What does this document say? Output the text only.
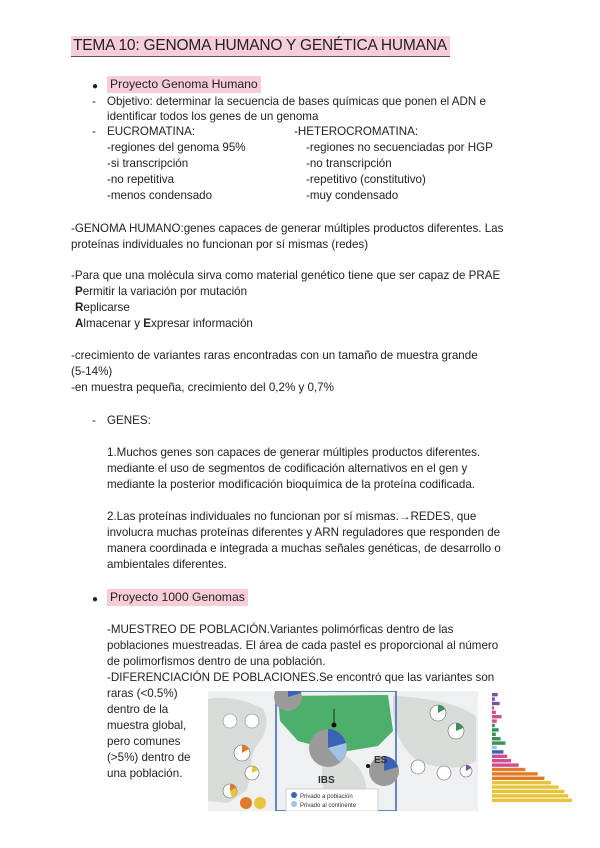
TEMA 10: GENOMA HUMANO Y GENÉTICA HUMANA
● Proyecto Genoma Humano
- Objetivo: determinar la secuencia de bases químicas que ponen el ADN e
identificar todos los genes de un genoma
- EUCROMATINA:	-HETEROCROMATINA:
-regiones del genoma 95%
-si transcripción
-no repetitiva
-menos condensado
-regiones no secuenciadas por HGP
-no transcripción
-repetitivo (constitutivo)
-muy condensado
-GENOMA HUMANO:genes capaces de generar múltiples productos diferentes. Las
proteínas individuales no funcionan por sí mismas (redes)
-Para que una molécula sirva como material genético tiene que ser capaz de PRAE
Permitir la variación por mutación
Replicarse
Almacenar y Expresar información
-crecimiento de variantes raras encontradas con un tamaño de muestra grande
(5-14%)
-en muestra pequeña, crecimiento del 0,2% y 0,7%
- GENES:
1.Muchos genes son capaces de generar múltiples productos diferentes.
mediante el uso de segmentos de codificación alternativos en el gen y
mediante la posterior modificación bioquímica de la proteína codificada.
2.Las proteínas individuales no funcionan por sí mismas.→REDES, que
involucra muchas proteínas diferentes y ARN reguladores que responden de
manera coordinada e integrada a muchas señales genéticas, de desarrollo o
ambientales diferentes.
● Proyecto 1000 Genomas
-MUESTREO DE POBLACIÓN.Variantes polimórficas dentro de las
poblaciones muestreadas. El área de cada pastel es proporcional al número
de polimorfismos dentro de una población.
-DIFERENCIACIÓN DE POBLACIONES.Se encontró que las variantes son
raras (<0.5%)
dentro de la
muestra global,
pero comunes
(>5%) dentro de
una población.
IBS
ES
Privado a población
Privado al continente
